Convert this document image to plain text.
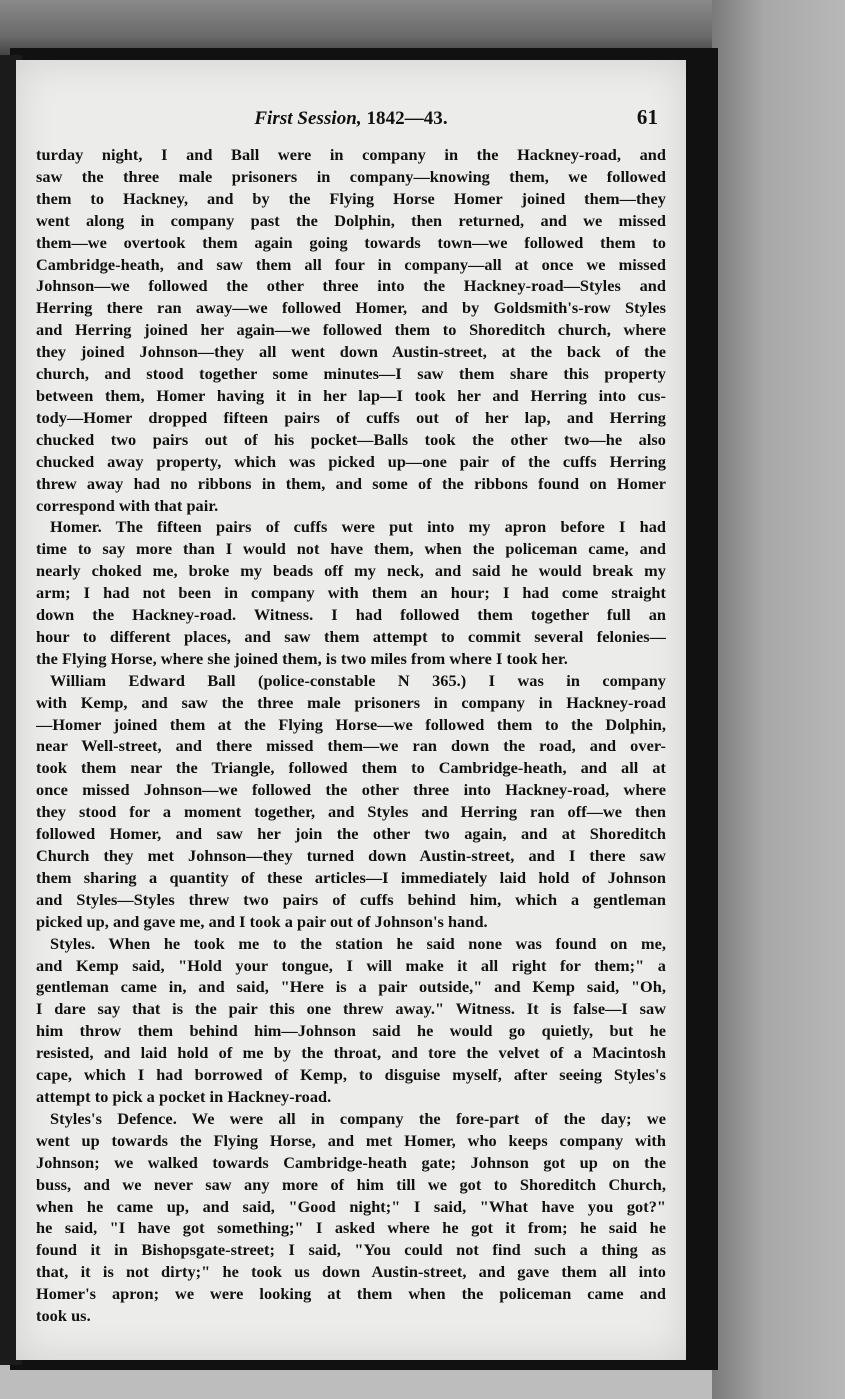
First Session, 1842—43.	61
turday night, I and Ball were in company in the Hackney-road, and
saw the three male prisoners in company—knowing them, we followed
them to Hackney, and by the Flying Horse Homer joined them—they
went along in company past the Dolphin, then returned, and we missed
them—we overtook them again going towards town—we followed them to
Cambridge-heath, and saw them all four in company—all at once we missed
Johnson—we followed the other three into the Hackney-road—Styles and
Herring there ran away—we followed Homer, and by Goldsmith's-row Styles
and Herring joined her again—we followed them to Shoreditch church, where
they joined Johnson—they all went down Austin-street, at the back of the
church, and stood together some minutes—I saw them share this property
between them, Homer having it in her lap—I took her and Herring into cus-
tody—Homer dropped fifteen pairs of cuffs out of her lap, and Herring
chucked two pairs out of his pocket—Balls took the other two—he also
chucked away property, which was picked up—one pair of the cuffs Herring
threw away had no ribbons in them, and some of the ribbons found on Homer
correspond with that pair.
Homer. The fifteen pairs of cuffs were put into my apron before I had
time to say more than I would not have them, when the policeman came, and
nearly choked me, broke my beads off my neck, and said he would break my
arm; I had not been in company with them an hour; I had come straight
down the Hackney-road. Witness. I had followed them together full an
hour to different places, and saw them attempt to commit several felonies—
the Flying Horse, where she joined them, is two miles from where I took her.
William Edward Ball (police-constable N 365.) I was in company
with Kemp, and saw the three male prisoners in company in Hackney-road
—Homer joined them at the Flying Horse—we followed them to the Dolphin,
near Well-street, and there missed them—we ran down the road, and over-
took them near the Triangle, followed them to Cambridge-heath, and all at
once missed Johnson—we followed the other three into Hackney-road, where
they stood for a moment together, and Styles and Herring ran off—we then
followed Homer, and saw her join the other two again, and at Shoreditch
Church they met Johnson—they turned down Austin-street, and I there saw
them sharing a quantity of these articles—I immediately laid hold of Johnson
and Styles—Styles threw two pairs of cuffs behind him, which a gentleman
picked up, and gave me, and I took a pair out of Johnson's hand.
Styles. When he took me to the station he said none was found on me,
and Kemp said, "Hold your tongue, I will make it all right for them;" a
gentleman came in, and said, "Here is a pair outside," and Kemp said, "Oh,
I dare say that is the pair this one threw away." Witness. It is false—I saw
him throw them behind him—Johnson said he would go quietly, but he
resisted, and laid hold of me by the throat, and tore the velvet of a Macintosh
cape, which I had borrowed of Kemp, to disguise myself, after seeing Styles's
attempt to pick a pocket in Hackney-road.
Styles's Defence. We were all in company the fore-part of the day; we
went up towards the Flying Horse, and met Homer, who keeps company with
Johnson; we walked towards Cambridge-heath gate; Johnson got up on the
buss, and we never saw any more of him till we got to Shoreditch Church,
when he came up, and said, "Good night;" I said, "What have you got?"
he said, "I have got something;" I asked where he got it from; he said he
found it in Bishopsgate-street; I said, "You could not find such a thing as
that, it is not dirty;" he took us down Austin-street, and gave them all into
Homer's apron; we were looking at them when the policeman came and
took us.
